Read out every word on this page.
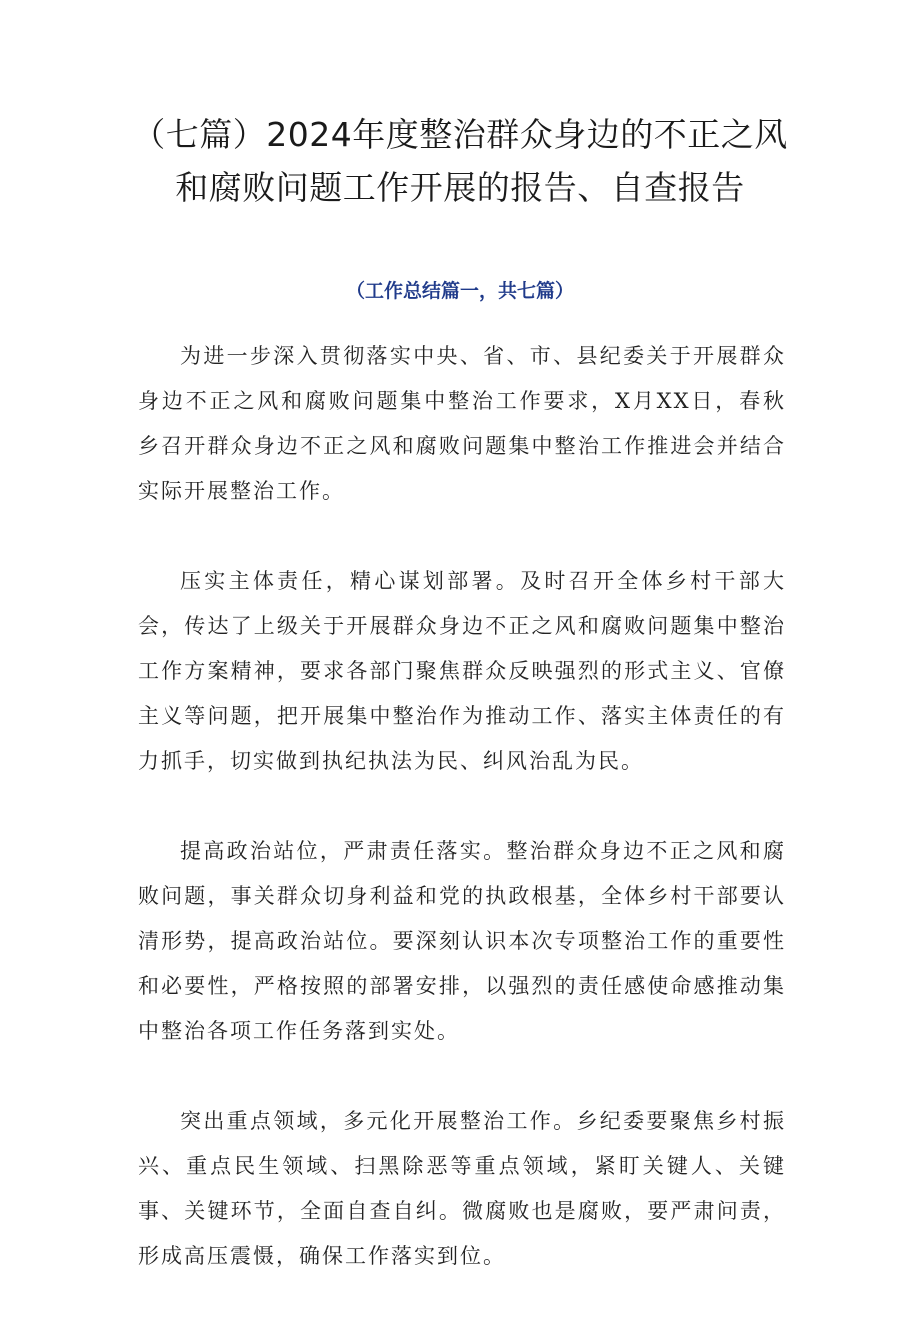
（七篇）2024年度整治群众身边的不正之风和腐败问题工作开展的报告、自查报告
（工作总结篇一，共七篇）

为进一步深入贯彻落实中央、省、市、县纪委关于开展群众身边不正之风和腐败问题集中整治工作要求，X月XX日，春秋乡召开群众身边不正之风和腐败问题集中整治工作推进会并结合实际开展整治工作。

压实主体责任，精心谋划部署。及时召开全体乡村干部大会，传达了上级关于开展群众身边不正之风和腐败问题集中整治工作方案精神，要求各部门聚焦群众反映强烈的形式主义、官僚主义等问题，把开展集中整治作为推动工作、落实主体责任的有力抓手，切实做到执纪执法为民、纠风治乱为民。

提高政治站位，严肃责任落实。整治群众身边不正之风和腐败问题，事关群众切身利益和党的执政根基，全体乡村干部要认清形势，提高政治站位。要深刻认识本次专项整治工作的重要性和必要性，严格按照的部署安排，以强烈的责任感使命感推动集中整治各项工作任务落到实处。

突出重点领域，多元化开展整治工作。乡纪委要聚焦乡村振兴、重点民生领域、扫黑除恶等重点领域，紧盯关键人、关键事、关键环节，全面自查自纠。微腐败也是腐败，要严肃问责，形成高压震慑，确保工作落实到位。
